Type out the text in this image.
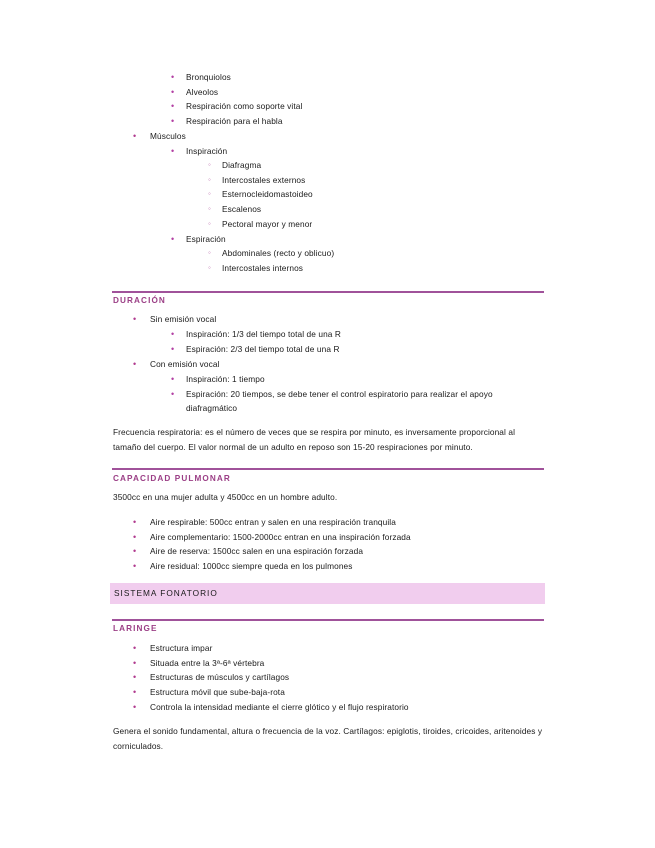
• Bronquiolos
• Alveolos
• Respiración como soporte vital
• Respiración para el habla
• Músculos
• Inspiración
◦ Diafragma
◦ Intercostales externos
◦ Esternocleidomastoideo
◦ Escalenos
◦ Pectoral mayor y menor
• Espiración
◦ Abdominales (recto y oblicuo)
◦ Intercostales internos
DURACIÓN
• Sin emisión vocal
• Inspiración: 1/3 del tiempo total de una R
• Espiración: 2/3 del tiempo total de una R
• Con emisión vocal
• Inspiración: 1 tiempo
• Espiración: 20 tiempos, se debe tener el control espiratorio para realizar el apoyo diafragmático

Frecuencia respiratoria: es el número de veces que se respira por minuto, es inversamente proporcional al tamaño del cuerpo. El valor normal de un adulto en reposo son 15-20 respiraciones por minuto.

CAPACIDAD PULMONAR

3500cc en una mujer adulta y 4500cc en un hombre adulto.

• Aire respirable: 500cc entran y salen en una respiración tranquila
• Aire complementario: 1500-2000cc entran en una inspiración forzada
• Aire de reserva: 1500cc salen en una espiración forzada
• Aire residual: 1000cc siempre queda en los pulmones
SISTEMA FONATORIO
LARINGE
• Estructura impar
• Situada entre la 3ª-6ª vértebra
• Estructuras de músculos y cartílagos
• Estructura móvil que sube-baja-rota
• Controla la intensidad mediante el cierre glótico y el flujo respiratorio

Genera el sonido fundamental, altura o frecuencia de la voz. Cartílagos: epiglotis, tiroides, cricoides, aritenoides y corniculados.
